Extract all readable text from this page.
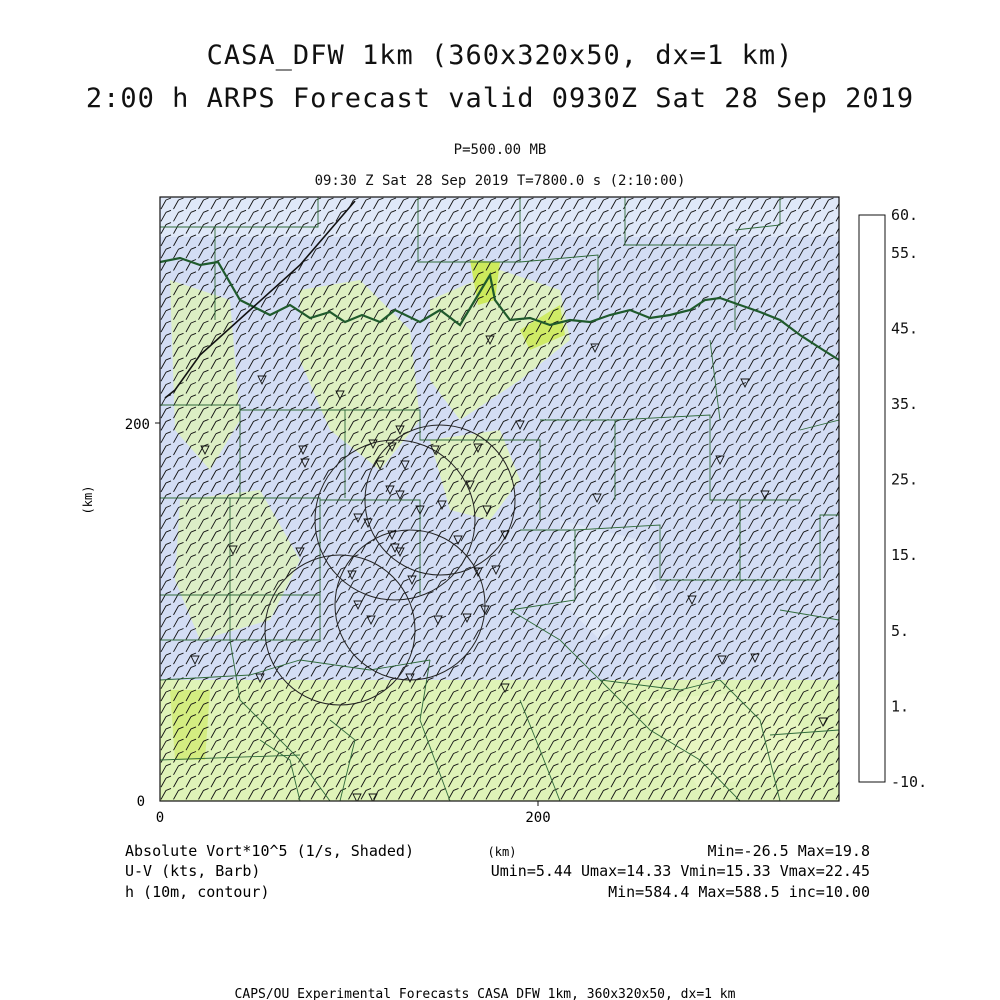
CASA_DFW 1km (360x320x50, dx=1 km)
2:00 h ARPS Forecast valid 0930Z Sat 28 Sep 2019
P=500.00 MB
09:30 Z Sat 28 Sep 2019 T=7800.0 s (2:10:00)
0
200
0	200
(km)
(km)
60.
55.
45.
35.
25.
15.
5.
1.
-10.
Absolute Vort*10^5 (1/s, Shaded)
U-V (kts, Barb)
h (10m, contour)
Min=-26.5 Max=19.8
Umin=5.44 Umax=14.33 Vmin=15.33 Vmax=22.45
Min=584.4 Max=588.5 inc=10.00
CAPS/OU Experimental Forecasts CASA DFW 1km, 360x320x50, dx=1 km
